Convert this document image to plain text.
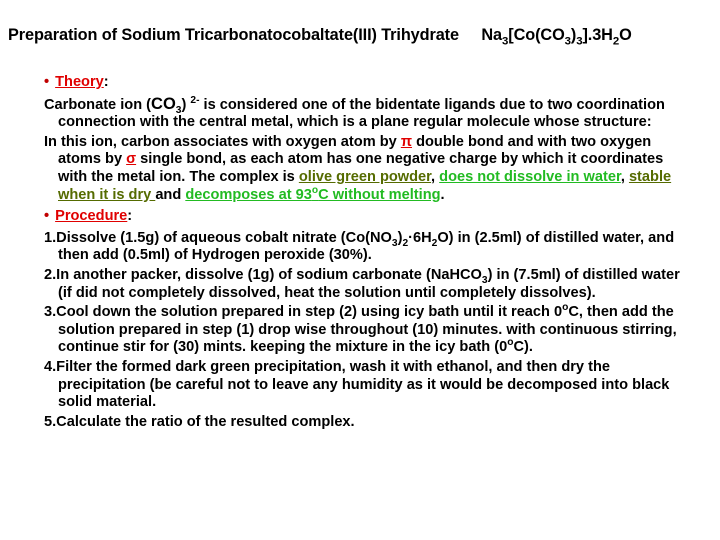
Preparation of Sodium Tricarbonatocobaltate(III) Trihydrate $Na_3[Co(CO_3)_3].3H_2O$
• Theory:
Carbonate ion $(CO_3)$ $^{2-}$ is considered one of the bidentate ligands due to two coordination connection with the central metal, which is a plane regular molecule whose structure:
In this ion, carbon associates with oxygen atom by π double bond and with two oxygen atoms by σ single bond, as each atom has one negative charge by which it coordinates with the metal ion. The complex is olive green powder, does not dissolve in water, stable when it is dry and decomposes at 93$^o$C without melting.
• Procedure:
1.Dissolve (1.5g) of aqueous cobalt nitrate $(Co(NO_3)_2\cdot 6H_2O)$ in (2.5ml) of distilled water, and then add (0.5ml) of Hydrogen peroxide (30%).
2.In another packer, dissolve (1g) of sodium carbonate (NaHCO$_3$) in (7.5ml) of distilled water (if did not completely dissolved, heat the solution until completely dissolves).
3.Cool down the solution prepared in step (2) using icy bath until it reach 0$^o$C, then add the solution prepared in step (1) drop wise throughout (10) minutes. with continuous stirring, continue stir for (30) mints. keeping the mixture in the icy bath (0$^o$C).
4.Filter the formed dark green precipitation, wash it with ethanol, and then dry the precipitation (be careful not to leave any humidity as it would be decomposed into black solid material.
5.Calculate the ratio of the resulted complex.
